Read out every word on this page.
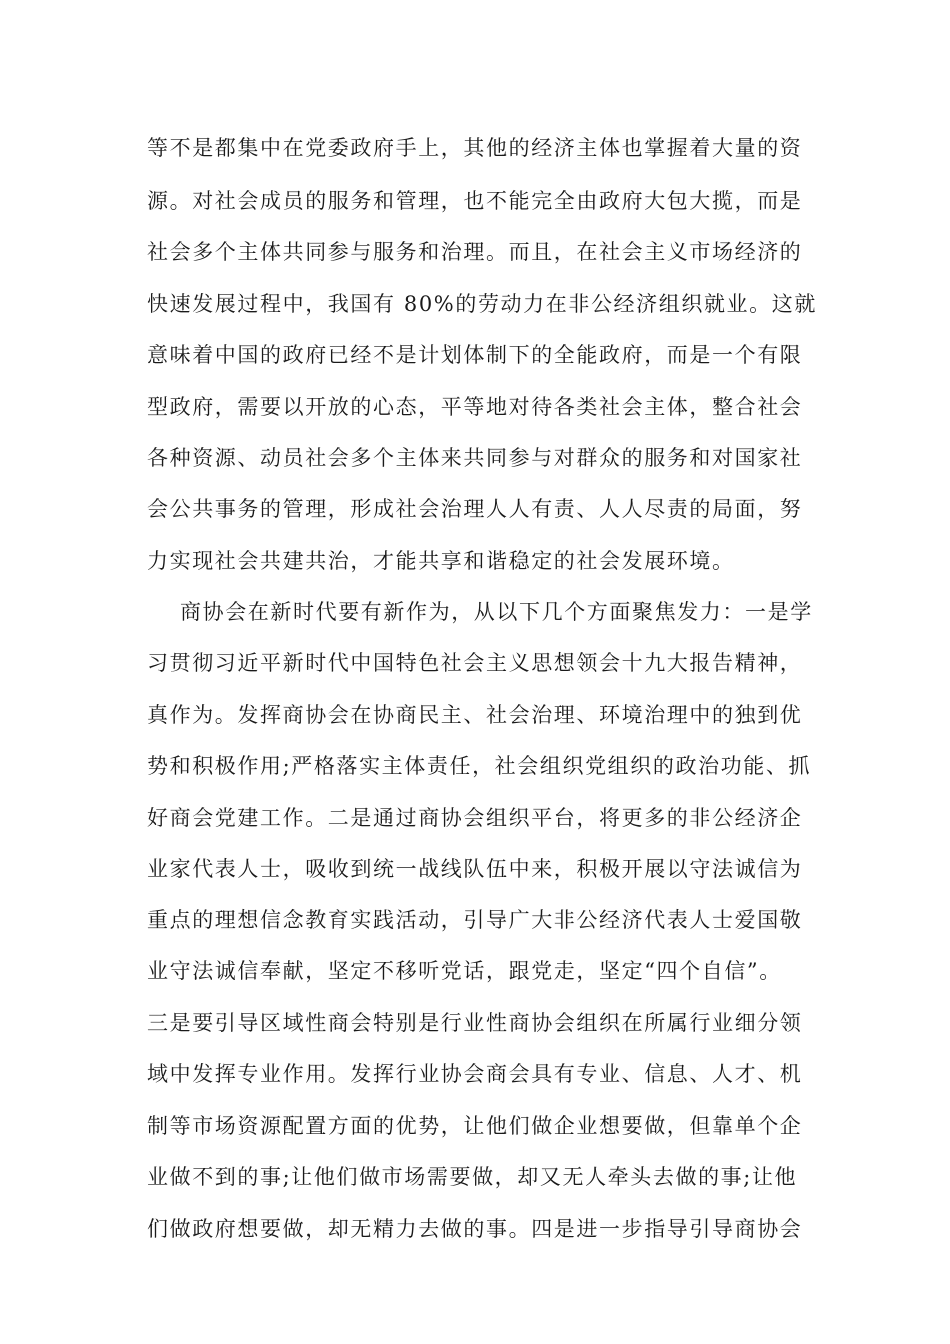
等不是都集中在党委政府手上，其他的经济主体也掌握着大量的资
源。对社会成员的服务和管理，也不能完全由政府大包大揽，而是
社会多个主体共同参与服务和治理。而且，在社会主义市场经济的
快速发展过程中，我国有 80%的劳动力在非公经济组织就业。这就
意味着中国的政府已经不是计划体制下的全能政府，而是一个有限
型政府，需要以开放的心态，平等地对待各类社会主体，整合社会
各种资源、动员社会多个主体来共同参与对群众的服务和对国家社
会公共事务的管理，形成社会治理人人有责、人人尽责的局面，努
力实现社会共建共治，才能共享和谐稳定的社会发展环境。
商协会在新时代要有新作为，从以下几个方面聚焦发力：一是学
习贯彻习近平新时代中国特色社会主义思想领会十九大报告精神，
真作为。发挥商协会在协商民主、社会治理、环境治理中的独到优
势和积极作用;严格落实主体责任，社会组织党组织的政治功能、抓
好商会党建工作。二是通过商协会组织平台，将更多的非公经济企
业家代表人士，吸收到统一战线队伍中来，积极开展以守法诚信为
重点的理想信念教育实践活动，引导广大非公经济代表人士爱国敬
业守法诚信奉献，坚定不移听党话，跟党走，坚定“四个自信”。
三是要引导区域性商会特别是行业性商协会组织在所属行业细分领
域中发挥专业作用。发挥行业协会商会具有专业、信息、人才、机
制等市场资源配置方面的优势，让他们做企业想要做，但靠单个企
业做不到的事;让他们做市场需要做，却又无人牵头去做的事;让他
们做政府想要做，却无精力去做的事。四是进一步指导引导商协会
